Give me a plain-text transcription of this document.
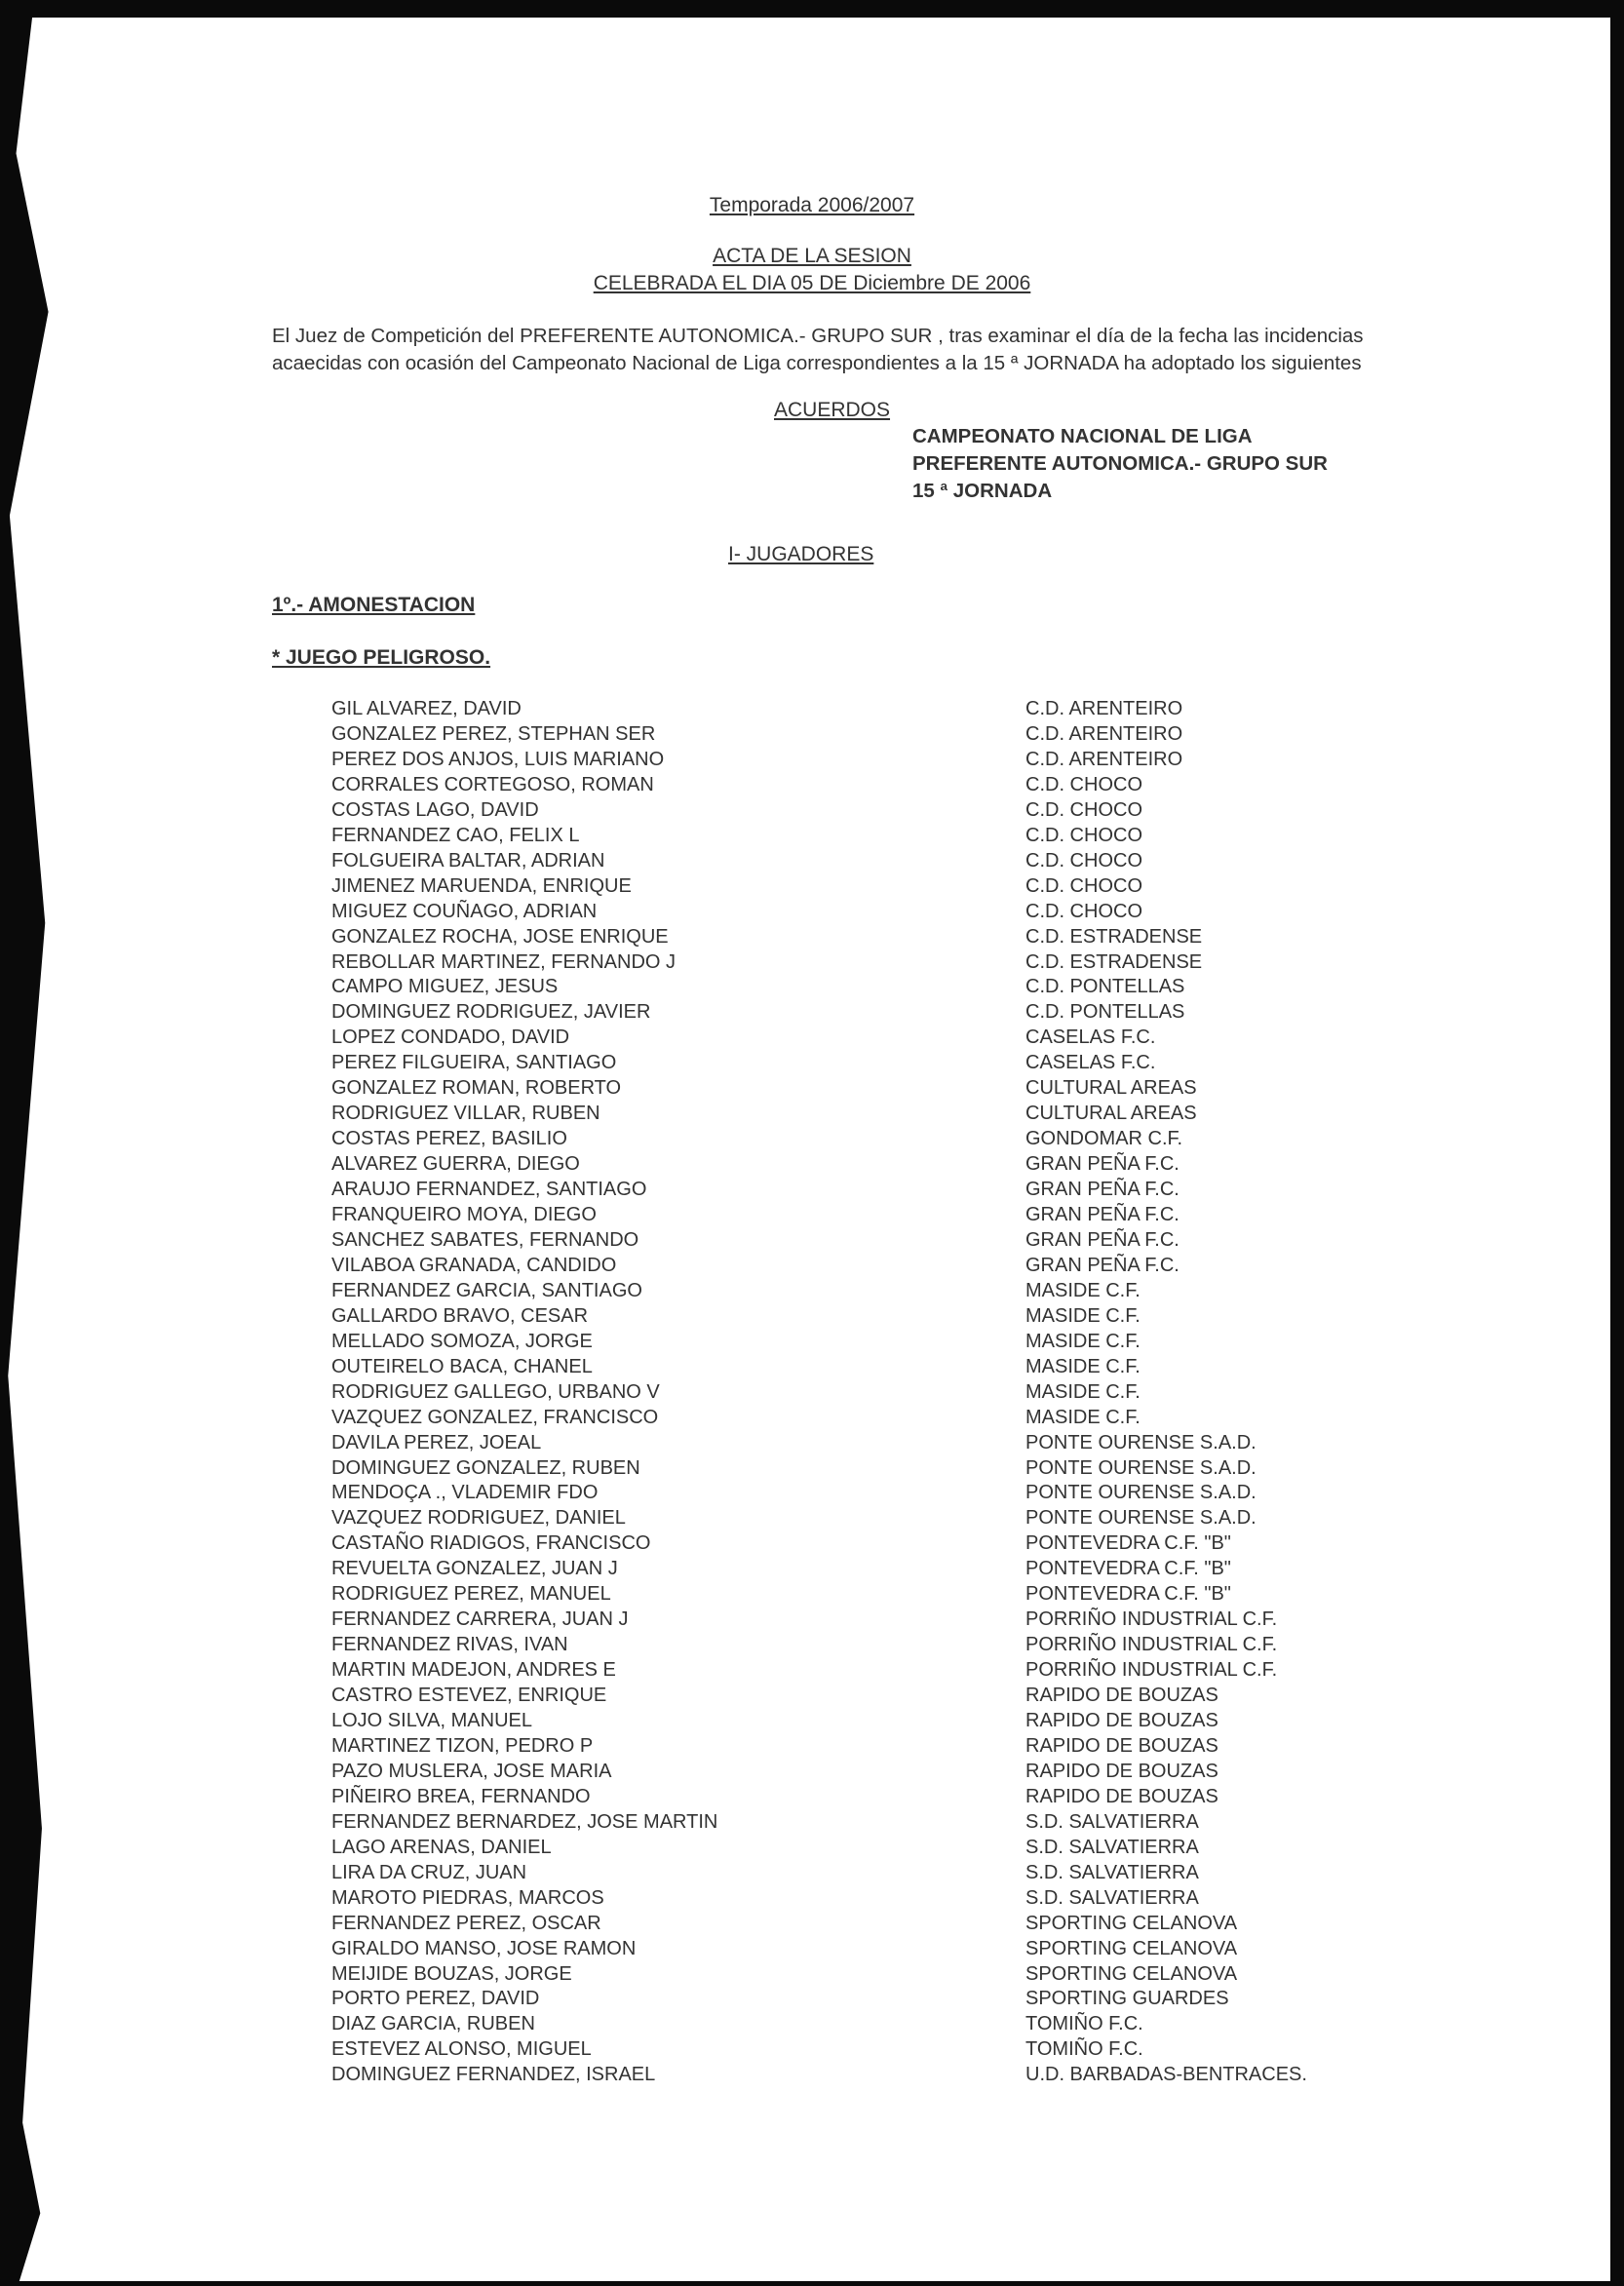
Temporada 2006/2007
ACTA DE LA SESION
CELEBRADA EL DIA 05 DE Diciembre DE 2006
El Juez de Competición del PREFERENTE AUTONOMICA.- GRUPO SUR , tras examinar el día de la fecha las incidencias
acaecidas con ocasión del Campeonato Nacional de Liga correspondientes a la 15 ª JORNADA ha adoptado los siguientes
ACUERDOS
CAMPEONATO NACIONAL DE LIGA
PREFERENTE AUTONOMICA.- GRUPO SUR
15 ª JORNADA
I- JUGADORES
1º.- AMONESTACION
* JUEGO PELIGROSO.
GIL ALVAREZ, DAVID	C.D. ARENTEIRO
GONZALEZ PEREZ, STEPHAN SER	C.D. ARENTEIRO
PEREZ DOS ANJOS, LUIS MARIANO	C.D. ARENTEIRO
CORRALES CORTEGOSO, ROMAN	C.D. CHOCO
COSTAS LAGO, DAVID	C.D. CHOCO
FERNANDEZ CAO, FELIX L	C.D. CHOCO
FOLGUEIRA BALTAR, ADRIAN	C.D. CHOCO
JIMENEZ MARUENDA, ENRIQUE	C.D. CHOCO
MIGUEZ COUÑAGO, ADRIAN	C.D. CHOCO
GONZALEZ ROCHA, JOSE ENRIQUE	C.D. ESTRADENSE
REBOLLAR MARTINEZ, FERNANDO J	C.D. ESTRADENSE
CAMPO MIGUEZ, JESUS	C.D. PONTELLAS
DOMINGUEZ RODRIGUEZ, JAVIER	C.D. PONTELLAS
LOPEZ CONDADO, DAVID	CASELAS F.C.
PEREZ FILGUEIRA, SANTIAGO	CASELAS F.C.
GONZALEZ ROMAN, ROBERTO	CULTURAL AREAS
RODRIGUEZ VILLAR, RUBEN	CULTURAL AREAS
COSTAS PEREZ, BASILIO	GONDOMAR C.F.
ALVAREZ GUERRA, DIEGO	GRAN PEÑA F.C.
ARAUJO FERNANDEZ, SANTIAGO	GRAN PEÑA F.C.
FRANQUEIRO MOYA, DIEGO	GRAN PEÑA F.C.
SANCHEZ SABATES, FERNANDO	GRAN PEÑA F.C.
VILABOA GRANADA, CANDIDO	GRAN PEÑA F.C.
FERNANDEZ GARCIA, SANTIAGO	MASIDE C.F.
GALLARDO BRAVO, CESAR	MASIDE C.F.
MELLADO SOMOZA, JORGE	MASIDE C.F.
OUTEIRELO BACA, CHANEL	MASIDE C.F.
RODRIGUEZ GALLEGO, URBANO V	MASIDE C.F.
VAZQUEZ GONZALEZ, FRANCISCO	MASIDE C.F.
DAVILA PEREZ, JOEAL	PONTE OURENSE S.A.D.
DOMINGUEZ GONZALEZ, RUBEN	PONTE OURENSE S.A.D.
MENDOÇA ., VLADEMIR FDO	PONTE OURENSE S.A.D.
VAZQUEZ RODRIGUEZ, DANIEL	PONTE OURENSE S.A.D.
CASTAÑO RIADIGOS, FRANCISCO	PONTEVEDRA C.F. "B"
REVUELTA GONZALEZ, JUAN J	PONTEVEDRA C.F. "B"
RODRIGUEZ PEREZ, MANUEL	PONTEVEDRA C.F. "B"
FERNANDEZ CARRERA, JUAN J	PORRIÑO INDUSTRIAL C.F.
FERNANDEZ RIVAS, IVAN	PORRIÑO INDUSTRIAL C.F.
MARTIN MADEJON, ANDRES E	PORRIÑO INDUSTRIAL C.F.
CASTRO ESTEVEZ, ENRIQUE	RAPIDO DE BOUZAS
LOJO SILVA, MANUEL	RAPIDO DE BOUZAS
MARTINEZ TIZON, PEDRO P	RAPIDO DE BOUZAS
PAZO MUSLERA, JOSE MARIA	RAPIDO DE BOUZAS
PIÑEIRO BREA, FERNANDO	RAPIDO DE BOUZAS
FERNANDEZ BERNARDEZ, JOSE MARTIN	S.D. SALVATIERRA
LAGO ARENAS, DANIEL	S.D. SALVATIERRA
LIRA DA CRUZ, JUAN	S.D. SALVATIERRA
MAROTO PIEDRAS, MARCOS	S.D. SALVATIERRA
FERNANDEZ PEREZ, OSCAR	SPORTING CELANOVA
GIRALDO MANSO, JOSE RAMON	SPORTING CELANOVA
MEIJIDE BOUZAS, JORGE	SPORTING CELANOVA
PORTO PEREZ, DAVID	SPORTING GUARDES
DIAZ GARCIA, RUBEN	TOMIÑO F.C.
ESTEVEZ ALONSO, MIGUEL	TOMIÑO F.C.
DOMINGUEZ FERNANDEZ, ISRAEL	U.D. BARBADAS-BENTRACES.
